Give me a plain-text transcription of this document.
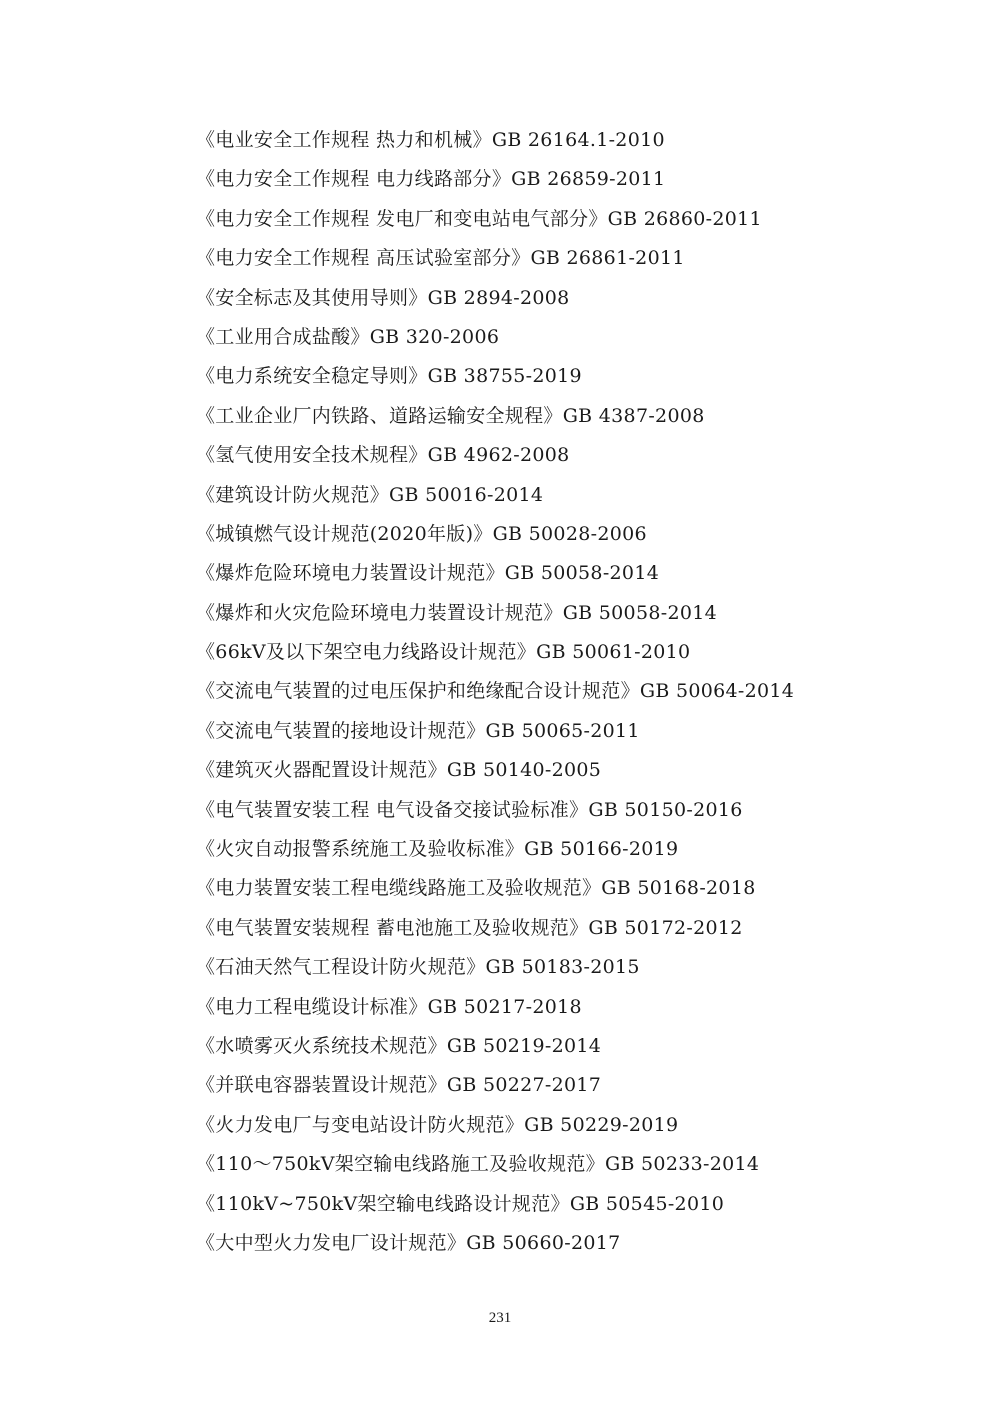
《电业安全工作规程 热力和机械》GB 26164.1-2010
《电力安全工作规程 电力线路部分》GB 26859-2011
《电力安全工作规程 发电厂和变电站电气部分》GB 26860-2011
《电力安全工作规程 高压试验室部分》GB 26861-2011
《安全标志及其使用导则》GB 2894-2008
《工业用合成盐酸》GB 320-2006
《电力系统安全稳定导则》GB 38755-2019
《工业企业厂内铁路、道路运输安全规程》GB 4387-2008
《氢气使用安全技术规程》GB 4962-2008
《建筑设计防火规范》GB 50016-2014
《城镇燃气设计规范(2020年版)》GB 50028-2006
《爆炸危险环境电力装置设计规范》GB 50058-2014
《爆炸和火灾危险环境电力装置设计规范》GB 50058-2014
《66kV及以下架空电力线路设计规范》GB 50061-2010
《交流电气装置的过电压保护和绝缘配合设计规范》GB 50064-2014
《交流电气装置的接地设计规范》GB 50065-2011
《建筑灭火器配置设计规范》GB 50140-2005
《电气装置安装工程 电气设备交接试验标准》GB 50150-2016
《火灾自动报警系统施工及验收标准》GB 50166-2019
《电力装置安装工程电缆线路施工及验收规范》GB 50168-2018
《电气装置安装规程 蓄电池施工及验收规范》GB 50172-2012
《石油天然气工程设计防火规范》GB 50183-2015
《电力工程电缆设计标准》GB 50217-2018
《水喷雾灭火系统技术规范》GB 50219-2014
《并联电容器装置设计规范》GB 50227-2017
《火力发电厂与变电站设计防火规范》GB 50229-2019
《110～750kV架空输电线路施工及验收规范》GB 50233-2014
《110kV~750kV架空输电线路设计规范》GB 50545-2010
《大中型火力发电厂设计规范》GB 50660-2017
231
